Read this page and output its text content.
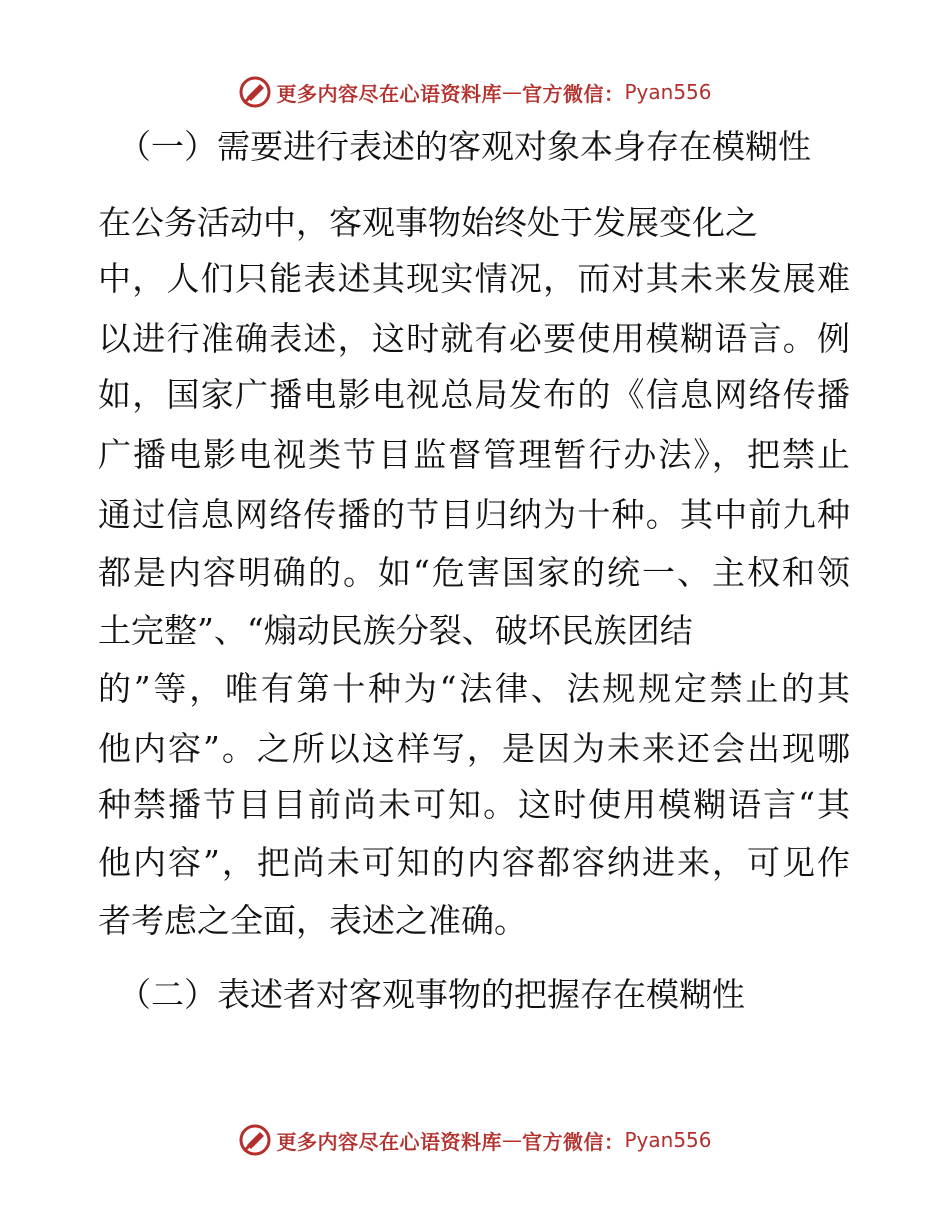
更多内容尽在心语资料库 — 官方微信： Pyan556
（一）需要进行表述的客观对象本身存在模糊性
在公务活动中，客观事物始终处于发展变化之
中，人们只能表述其现实情况，而对其未来发展难
以进行准确表述，这时就有必要使用模糊语言。例
如，国家广播电影电视总局发布的《信息网络传播
广播电影电视类节目监督管理暂行办法》，把禁止
通过信息网络传播的节目归纳为十种。其中前九种
都是内容明确的。如“危害国家的统一、主权和领
土完整”、“煽动民族分裂、破坏民族团结
的”等，唯有第十种为“法律、法规规定禁止的其
他内容”。之所以这样写，是因为未来还会出现哪
种禁播节目目前尚未可知。这时使用模糊语言“其
他内容”，把尚未可知的内容都容纳进来，可见作
者考虑之全面，表述之准确。
（二）表述者对客观事物的把握存在模糊性
更多内容尽在心语资料库 — 官方微信： Pyan556
